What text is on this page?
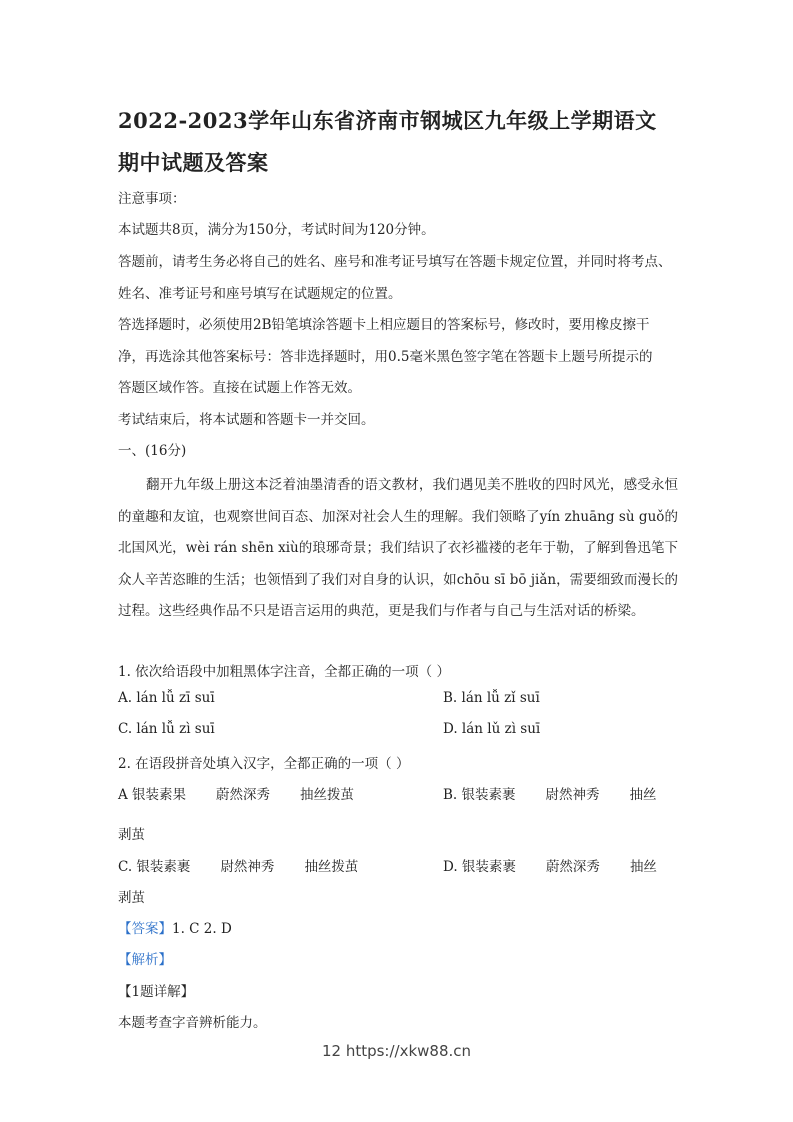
2022-2023学年山东省济南市钢城区九年级上学期语文期中试题及答案
注意事项：
本试题共8页，满分为150分，考试时间为120分钟。
答题前，请考生务必将自己的姓名、座号和准考证号填写在答题卡规定位置，并同时将考点、
姓名、准考证号和座号填写在试题规定的位置。
答选择题时，必须使用2B铅笔填涂答题卡上相应题目的答案标号，修改时，要用橡皮擦干
净，再选涂其他答案标号：答非选择题时，用0.5毫米黑色签字笔在答题卡上题号所提示的
答题区域作答。直接在试题上作答无效。
考试结束后，将本试题和答题卡一并交回。
一、(16分)
翻开九年级上册这本泛着油墨清香的语文教材，我们遇见美不胜收的四时风光，感受永恒的童趣和友谊，也观察世间百态、加深对社会人生的理解。我们领略了yín zhuāng sù guǒ的北国风光，wèi rán shēn xiù的琅琊奇景；我们结识了衣衫褴褛的老年于勒，了解到鲁迅笔下众人辛苦恣睢的生活；也领悟到了我们对自身的认识，如chōu sī bō jiǎn，需要细致而漫长的过程。这些经典作品不只是语言运用的典范，更是我们与作者与自己与生活对话的桥梁。
1. 依次给语段中加粗黑体字注音，全都正确的一项（ ）
A. lán lǚ zī suī	B. lán lǚ zǐ suī
C. lán lǚ zì suī	D. lán lǔ zì suī
2. 在语段拼音处填入汉字，全都正确的一项（ ）
A 银装素果 蔚然深秀 抽丝拨茧	B. 银装素裹 尉然神秀 抽丝
剥茧
C. 银装素裹 尉然神秀 抽丝拨茧	D. 银装素裹 蔚然深秀 抽丝
剥茧
【答案】1. C 2. D
【解析】
【1题详解】
本题考查字音辨析能力。
12 https://xkw88.cn
